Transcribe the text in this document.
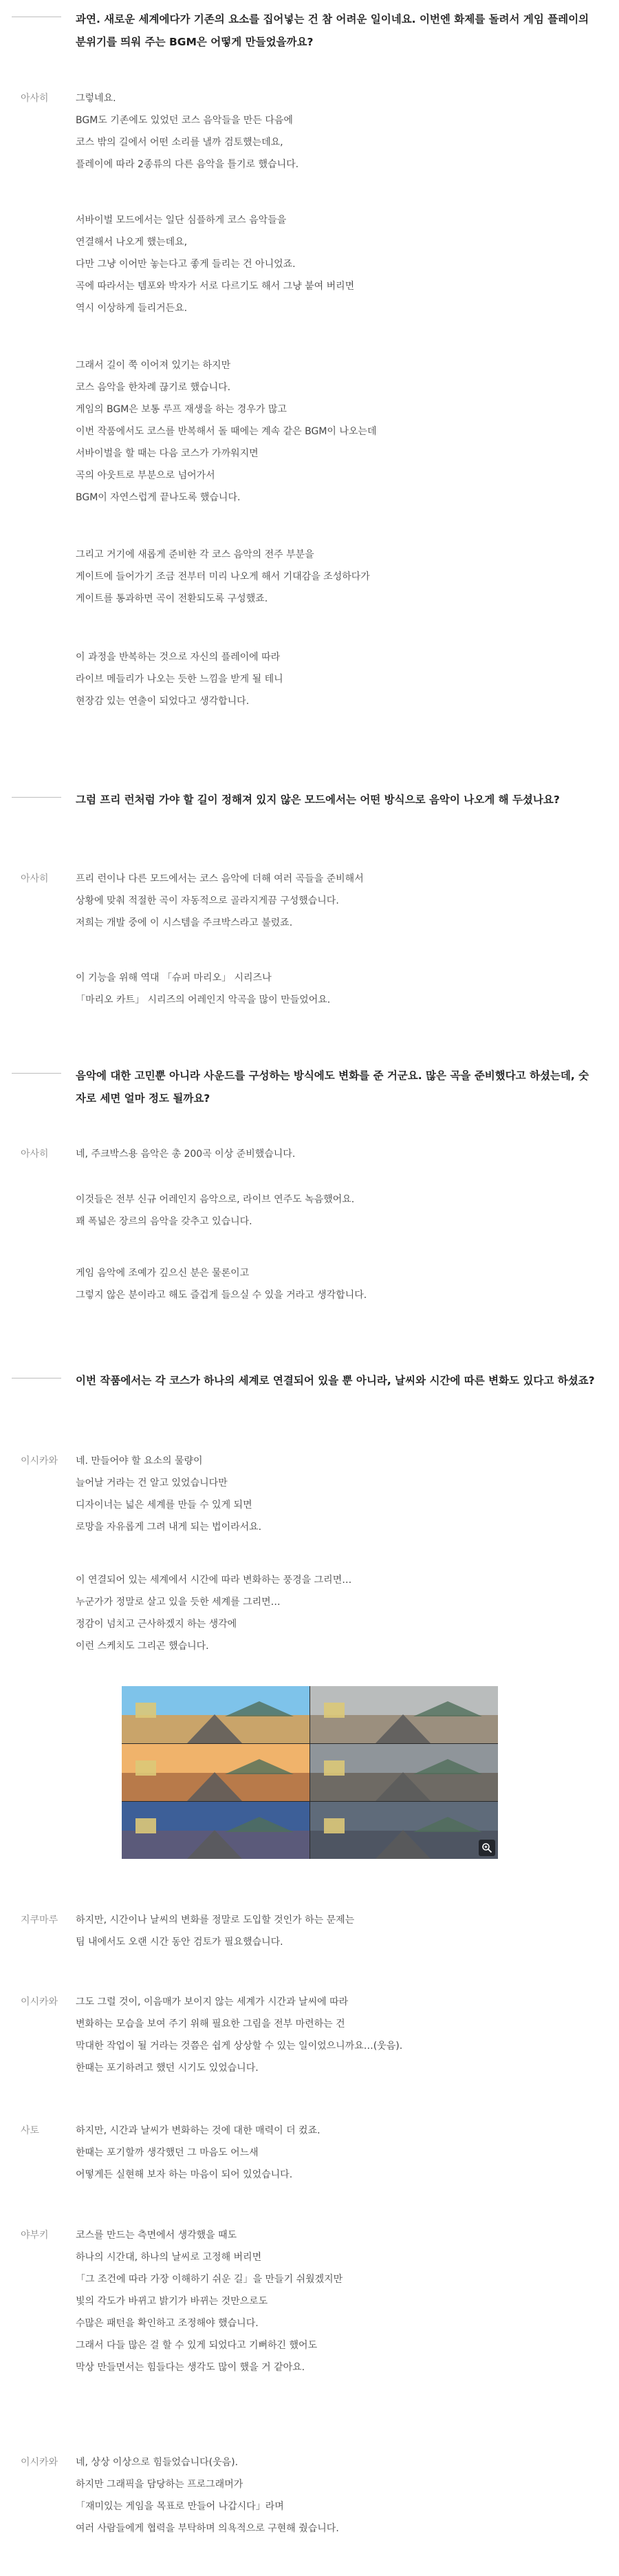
과연. 새로운 세계에다가 기존의 요소를 집어넣는 건 참 어려운 일이네요. 이번엔 화제를 돌려서 게임 플레이의 분위기를 띄워 주는 BGM은 어떻게 만들었을까요?

아사히	그렇네요.
BGM도 기존에도 있었던 코스 음악들을 만든 다음에
코스 밖의 길에서 어떤 소리를 낼까 검토했는데요,
플레이에 따라 2종류의 다른 음악을 틀기로 했습니다.

서바이벌 모드에서는 일단 심플하게 코스 음악들을
연결해서 나오게 했는데요,
다만 그냥 이어만 놓는다고 좋게 들리는 건 아니었죠.
곡에 따라서는 템포와 박자가 서로 다르기도 해서 그냥 붙여 버리면
역시 이상하게 들리거든요.

그래서 길이 쭉 이어져 있기는 하지만
코스 음악을 한차례 끊기로 했습니다.
게임의 BGM은 보통 루프 재생을 하는 경우가 많고
이번 작품에서도 코스를 반복해서 돌 때에는 계속 같은 BGM이 나오는데
서바이벌을 할 때는 다음 코스가 가까워지면
곡의 아웃트로 부분으로 넘어가서
BGM이 자연스럽게 끝나도록 했습니다.

그리고 거기에 새롭게 준비한 각 코스 음악의 전주 부분을
게이트에 들어가기 조금 전부터 미리 나오게 해서 기대감을 조성하다가
게이트를 통과하면 곡이 전환되도록 구성했죠.

이 과정을 반복하는 것으로 자신의 플레이에 따라
라이브 메들리가 나오는 듯한 느낌을 받게 될 테니
현장감 있는 연출이 되었다고 생각합니다.

그럼 프리 런처럼 가야 할 길이 정해져 있지 않은 모드에서는 어떤 방식으로 음악이 나오게 해 두셨나요?

아사히	프리 런이나 다른 모드에서는 코스 음악에 더해 여러 곡들을 준비해서
상황에 맞춰 적절한 곡이 자동적으로 골라지게끔 구성했습니다.
저희는 개발 중에 이 시스템을 주크박스라고 불렀죠.

이 기능을 위해 역대 「슈퍼 마리오」 시리즈나
「마리오 카트」 시리즈의 어레인지 악곡을 많이 만들었어요.

음악에 대한 고민뿐 아니라 사운드를 구성하는 방식에도 변화를 준 거군요. 많은 곡을 준비했다고 하셨는데, 숫자로 세면 얼마 정도 될까요?

아사히	네, 주크박스용 음악은 총 200곡 이상 준비했습니다.

이것들은 전부 신규 어레인지 음악으로, 라이브 연주도 녹음했어요.
꽤 폭넓은 장르의 음악을 갖추고 있습니다.

게임 음악에 조예가 깊으신 분은 물론이고
그렇지 않은 분이라고 해도 즐겁게 들으실 수 있을 거라고 생각합니다.

이번 작품에서는 각 코스가 하나의 세계로 연결되어 있을 뿐 아니라, 날씨와 시간에 따른 변화도 있다고 하셨죠?

이시카와	네. 만들어야 할 요소의 물량이
늘어날 거라는 건 알고 있었습니다만
디자이너는 넓은 세계를 만들 수 있게 되면
로망을 자유롭게 그려 내게 되는 법이라서요.

이 연결되어 있는 세계에서 시간에 따라 변화하는 풍경을 그리면…
누군가가 정말로 살고 있을 듯한 세계를 그리면…
정감이 넘치고 근사하겠지 하는 생각에
이런 스케치도 그리곤 했습니다.

지쿠마루	하지만, 시간이나 날씨의 변화를 정말로 도입할 것인가 하는 문제는
팀 내에서도 오랜 시간 동안 검토가 필요했습니다.

이시카와	그도 그럴 것이, 이음매가 보이지 않는 세계가 시간과 날씨에 따라
변화하는 모습을 보여 주기 위해 필요한 그림을 전부 마련하는 건
막대한 작업이 될 거라는 것쯤은 쉽게 상상할 수 있는 일이었으니까요…(웃음).
한때는 포기하려고 했던 시기도 있었습니다.

사토	하지만, 시간과 날씨가 변화하는 것에 대한 매력이 더 컸죠.
한때는 포기할까 생각했던 그 마음도 어느새
어떻게든 실현해 보자 하는 마음이 되어 있었습니다.

야부키	코스를 만드는 측면에서 생각했을 때도
하나의 시간대, 하나의 날씨로 고정해 버리면
「그 조건에 따라 가장 이해하기 쉬운 길」을 만들기 쉬웠겠지만
빛의 각도가 바뀌고 밝기가 바뀌는 것만으로도
수많은 패턴을 확인하고 조정해야 했습니다.
그래서 다들 많은 걸 할 수 있게 되었다고 기뻐하긴 했어도
막상 만들면서는 힘들다는 생각도 많이 했을 거 같아요.

이시카와	네, 상상 이상으로 힘들었습니다(웃음).
하지만 그래픽을 담당하는 프로그래머가
「재미있는 게임을 목표로 만들어 나갑시다」라며
여러 사람들에게 협력을 부탁하며 의욕적으로 구현해 줬습니다.
